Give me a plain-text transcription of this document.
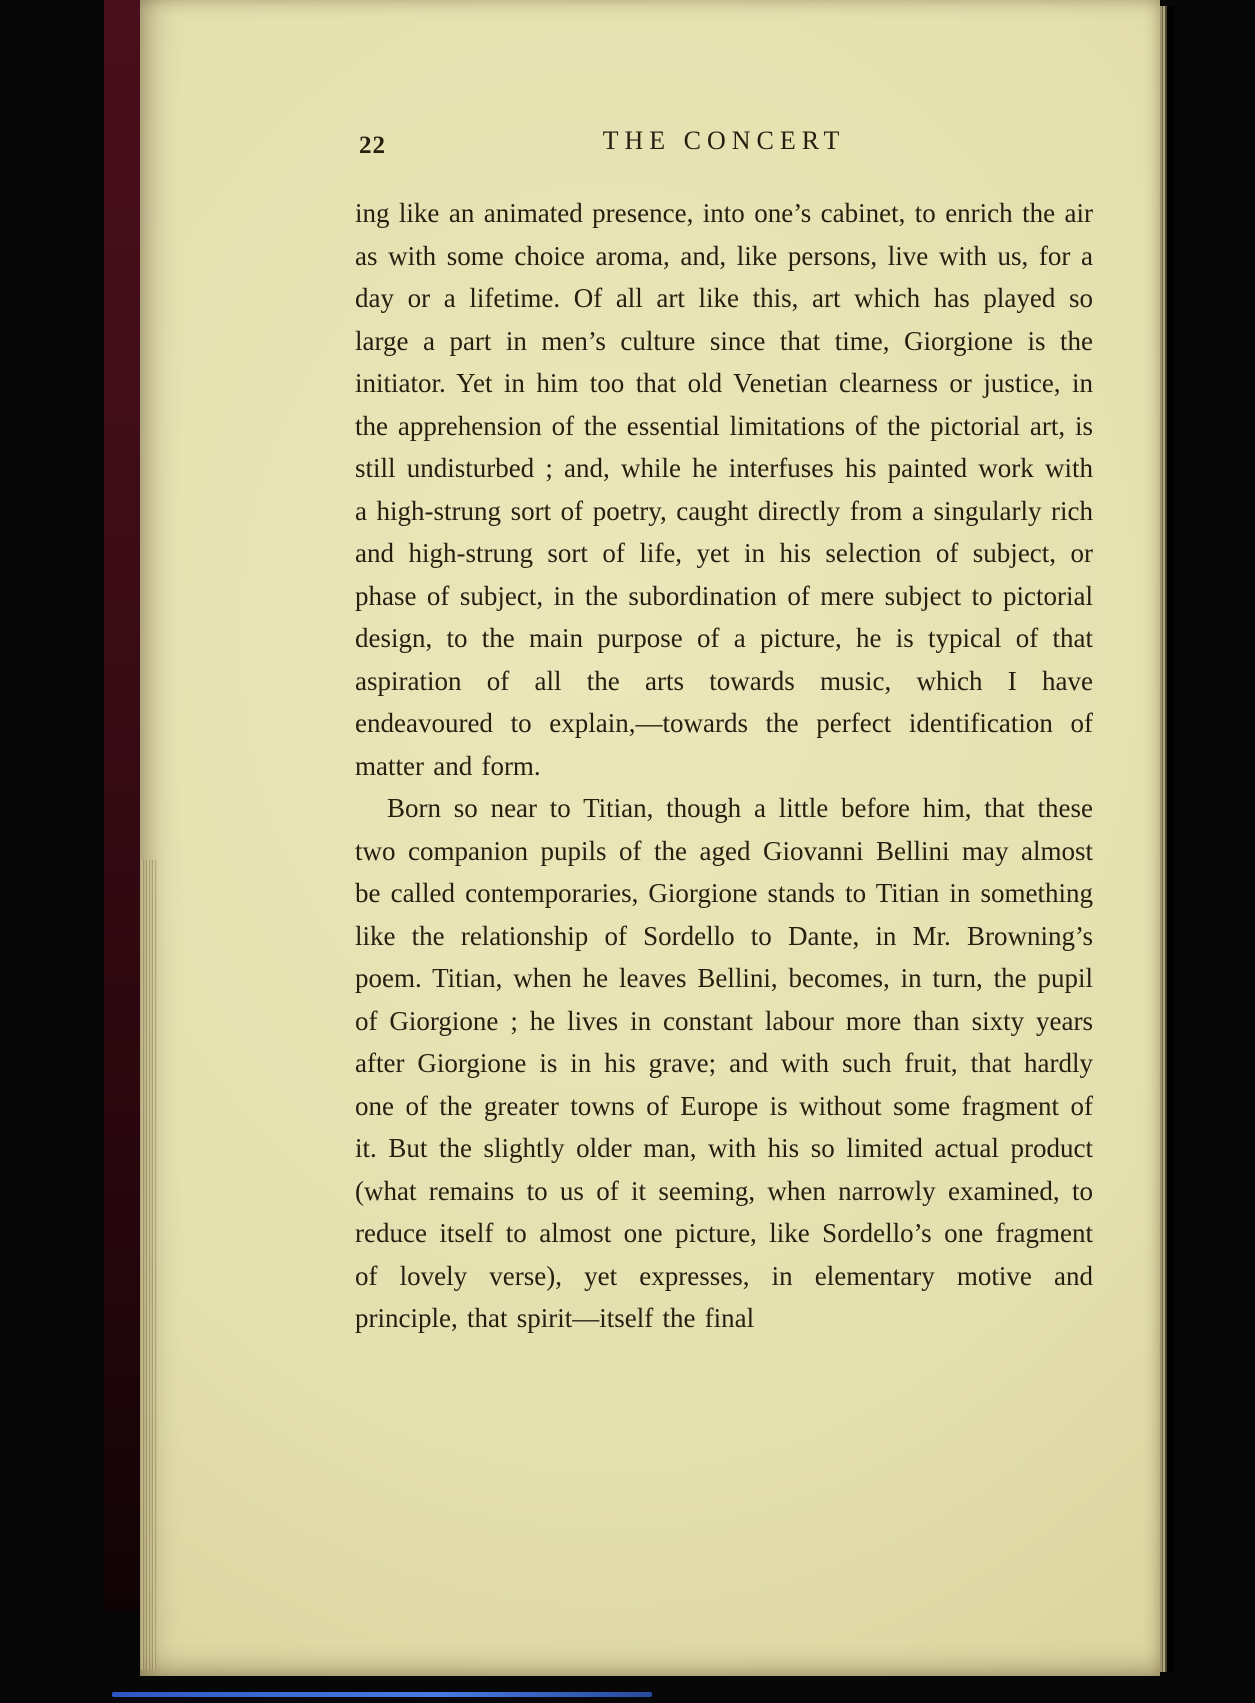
22	THE CONCERT

ing like an animated presence, into one’s cabinet, to enrich the air as with some choice aroma, and, like persons, live with us, for a day or a lifetime. Of all art like this, art which has played so large a part in men’s culture since that time, Giorgione is the initiator. Yet in him too that old Venetian clearness or justice, in the apprehension of the essential limitations of the pictorial art, is still undisturbed ; and, while he interfuses his painted work with a high-strung sort of poetry, caught directly from a singularly rich and high-strung sort of life, yet in his selection of subject, or phase of subject, in the subordination of mere subject to pictorial design, to the main purpose of a picture, he is typical of that aspiration of all the arts towards music, which I have endeavoured to explain,—towards the perfect identification of matter and form.

Born so near to Titian, though a little before him, that these two companion pupils of the aged Giovanni Bellini may almost be called contemporaries, Giorgione stands to Titian in something like the relationship of Sordello to Dante, in Mr. Browning’s poem. Titian, when he leaves Bellini, becomes, in turn, the pupil of Giorgione ; he lives in constant labour more than sixty years after Giorgione is in his grave; and with such fruit, that hardly one of the greater towns of Europe is without some fragment of it. But the slightly older man, with his so limited actual product (what remains to us of it seeming, when narrowly examined, to reduce itself to almost one picture, like Sordello’s one fragment of lovely verse), yet expresses, in elementary motive and principle, that spirit—itself the final
